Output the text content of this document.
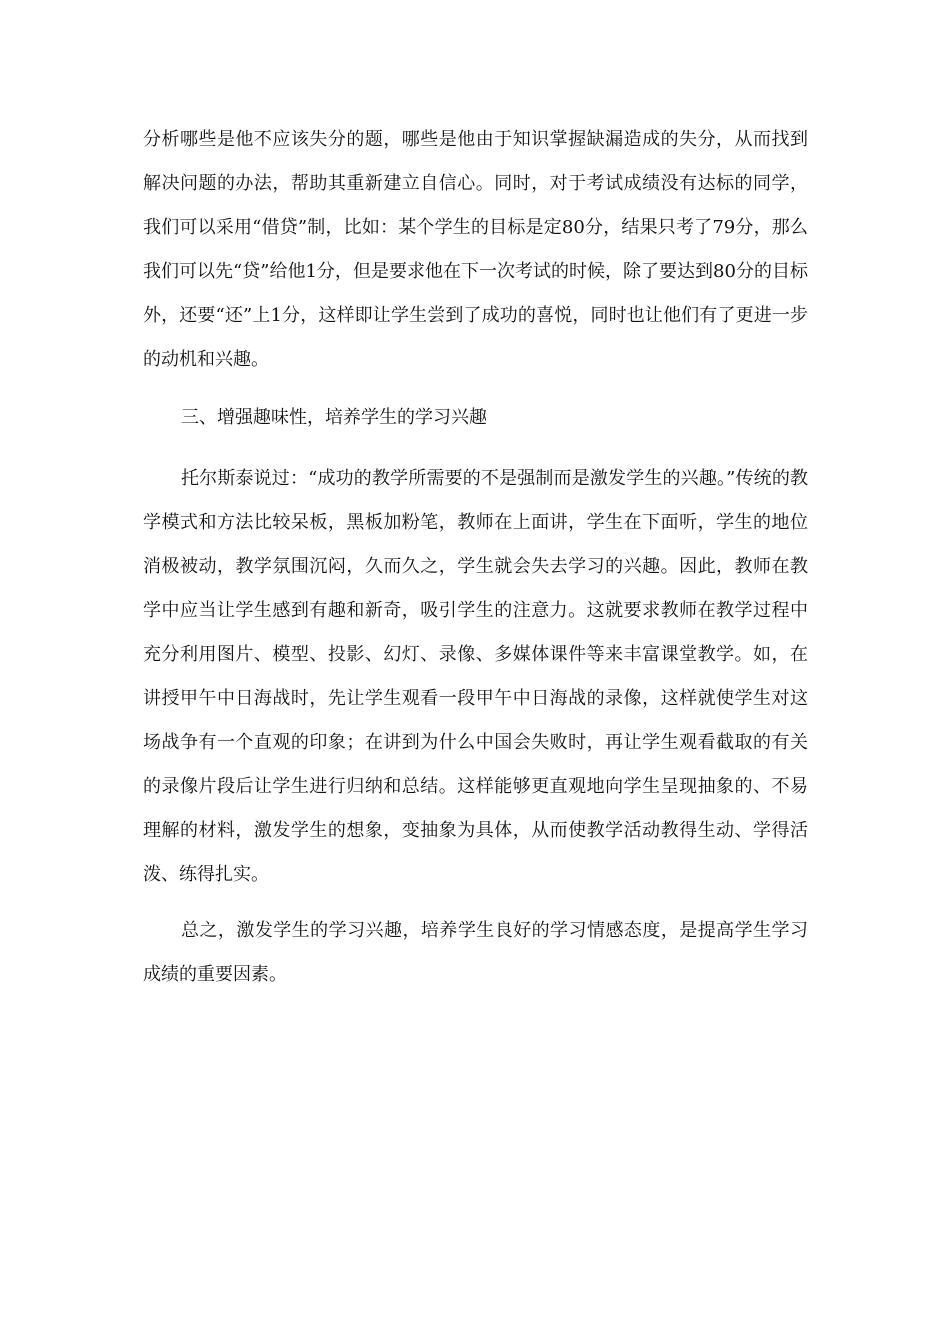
分析哪些是他不应该失分的题，哪些是他由于知识掌握缺漏造成的失分，从而找到解决问题的办法，帮助其重新建立自信心。同时，对于考试成绩没有达标的同学，我们可以采用“借贷”制，比如：某个学生的目标是定80分，结果只考了79分，那么我们可以先“贷”给他1分，但是要求他在下一次考试的时候，除了要达到80分的目标外，还要“还”上1分，这样即让学生尝到了成功的喜悦，同时也让他们有了更进一步的动机和兴趣。

三、增强趣味性，培养学生的学习兴趣

托尔斯泰说过：“成功的教学所需要的不是强制而是激发学生的兴趣。”传统的教学模式和方法比较呆板，黑板加粉笔，教师在上面讲，学生在下面听，学生的地位消极被动，教学氛围沉闷，久而久之，学生就会失去学习的兴趣。因此，教师在教学中应当让学生感到有趣和新奇，吸引学生的注意力。这就要求教师在教学过程中充分利用图片、模型、投影、幻灯、录像、多媒体课件等来丰富课堂教学。如，在讲授甲午中日海战时，先让学生观看一段甲午中日海战的录像，这样就使学生对这场战争有一个直观的印象；在讲到为什么中国会失败时，再让学生观看截取的有关的录像片段后让学生进行归纳和总结。这样能够更直观地向学生呈现抽象的、不易理解的材料，激发学生的想象，变抽象为具体，从而使教学活动教得生动、学得活泼、练得扎实。

总之，激发学生的学习兴趣，培养学生良好的学习情感态度，是提高学生学习成绩的重要因素。
